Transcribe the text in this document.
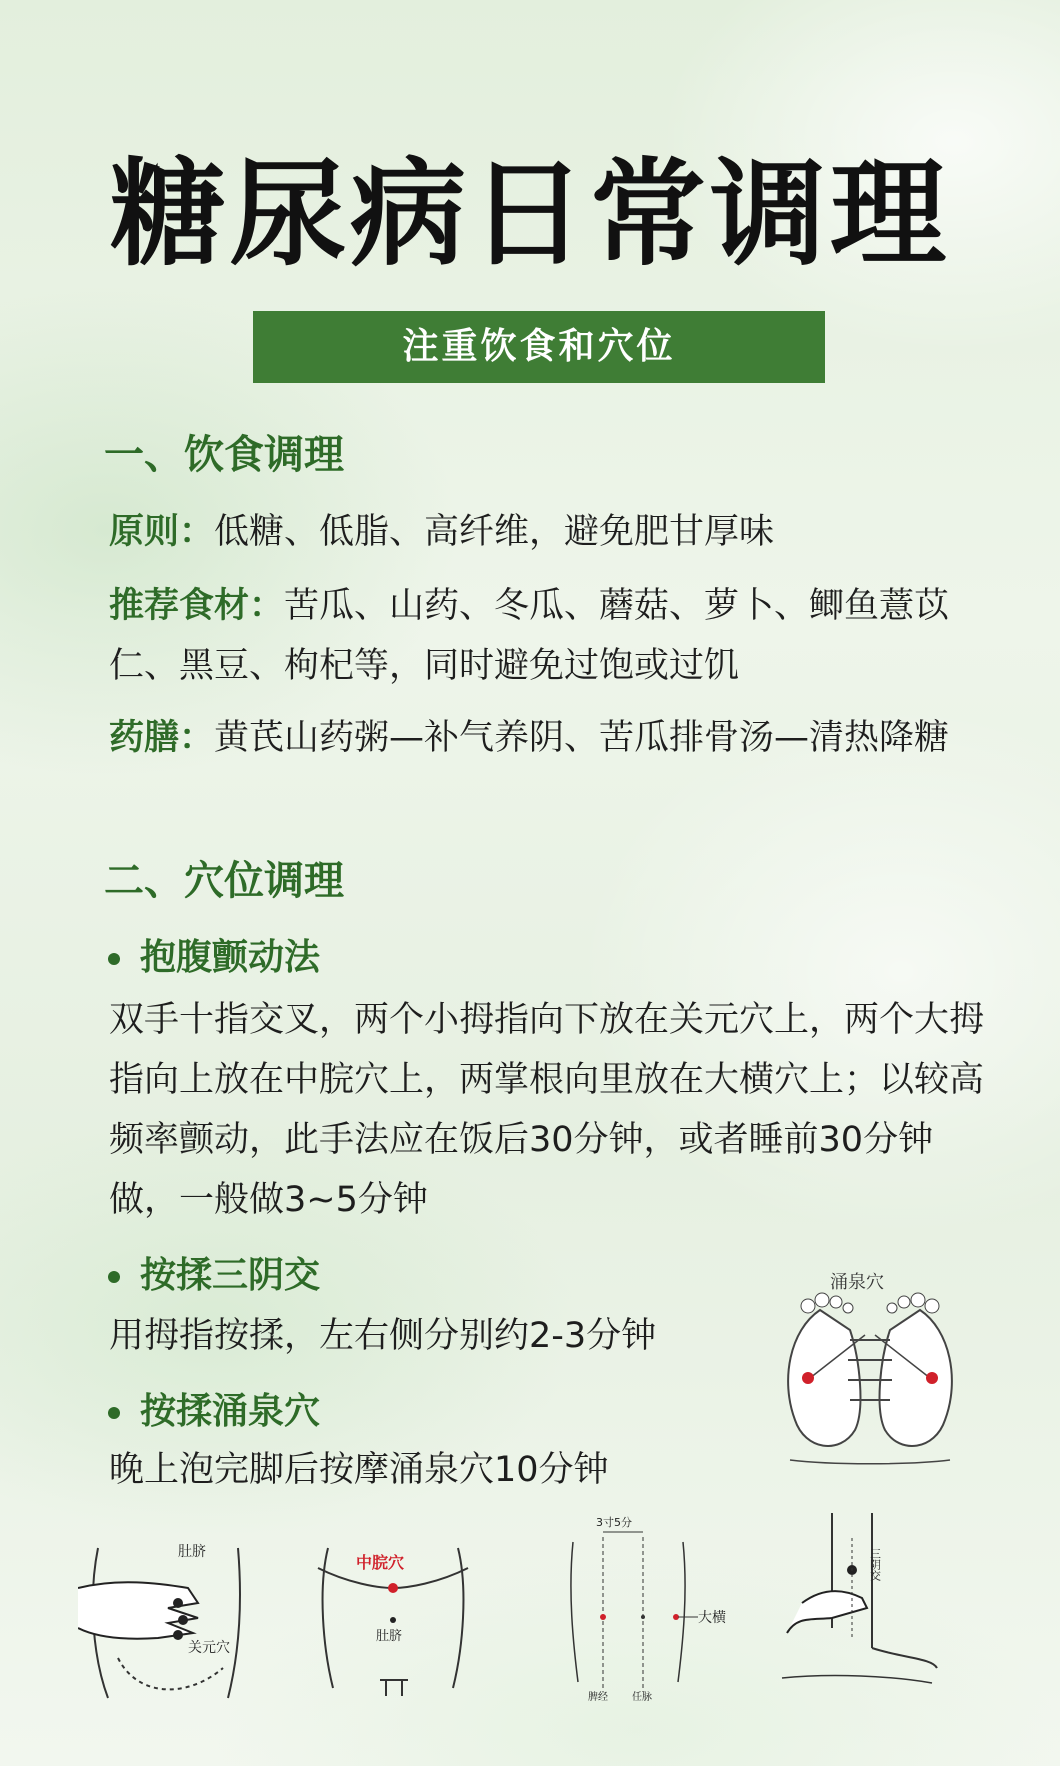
糖尿病日常调理
注重饮食和穴位
一、饮食调理
原则：低糖、低脂、高纤维，避免肥甘厚味
推荐食材：苦瓜、山药、冬瓜、蘑菇、萝卜、鲫鱼薏苡仁、黑豆、枸杞等，同时避免过饱或过饥
药膳：黄芪山药粥—补气养阴、苦瓜排骨汤—清热降糖
二、穴位调理
抱腹颤动法
双手十指交叉，两个小拇指向下放在关元穴上，两个大拇指向上放在中脘穴上，两掌根向里放在大横穴上；以较高频率颤动，此手法应在饭后30分钟，或者睡前30分钟做，一般做3~5分钟
按揉三阴交
用拇指按揉，左右侧分别约2-3分钟
按揉涌泉穴
晚上泡完脚后按摩涌泉穴10分钟
涌泉穴
肚脐
关元穴
中脘穴
肚脐
3寸5分
大横
脾经 任脉
三阴交
